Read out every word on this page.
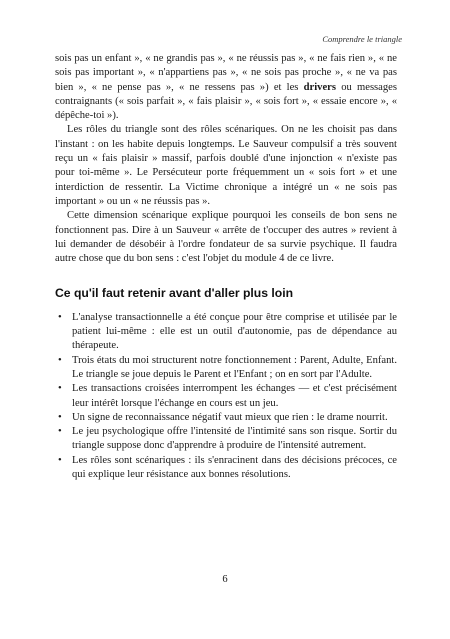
Comprendre le triangle

sois pas un enfant », « ne grandis pas », « ne réussis pas », « ne fais rien », « ne sois pas important », « n'appartiens pas », « ne sois pas proche », « ne va pas bien », « ne pense pas », « ne ressens pas ») et les drivers ou messages contraignants (« sois parfait », « fais plaisir », « sois fort », « essaie encore », « dépêche-toi »).

Les rôles du triangle sont des rôles scénariques. On ne les choisit pas dans l'instant : on les habite depuis longtemps. Le Sauveur compulsif a très souvent reçu un « fais plaisir » massif, parfois doublé d'une injonction « n'existe pas pour toi-même ». Le Persécuteur porte fréquemment un « sois fort » et une interdiction de ressentir. La Victime chronique a intégré un « ne sois pas important » ou un « ne réussis pas ».

Cette dimension scénarique explique pourquoi les conseils de bon sens ne fonctionnent pas. Dire à un Sauveur « arrête de t'occuper des autres » revient à lui demander de désobéir à l'ordre fondateur de sa survie psychique. Il faudra autre chose que du bon sens : c'est l'objet du module 4 de ce livre.

Ce qu'il faut retenir avant d'aller plus loin
• L'analyse transactionnelle a été conçue pour être comprise et utilisée par le patient lui-même : elle est un outil d'autonomie, pas de dépendance au thérapeute.
• Trois états du moi structurent notre fonctionnement : Parent, Adulte, Enfant. Le triangle se joue depuis le Parent et l'Enfant ; on en sort par l'Adulte.
• Les transactions croisées interrompent les échanges — et c'est précisément leur intérêt lorsque l'échange en cours est un jeu.
• Un signe de reconnaissance négatif vaut mieux que rien : le drame nourrit.
• Le jeu psychologique offre l'intensité de l'intimité sans son risque. Sortir du triangle suppose donc d'apprendre à produire de l'intensité autrement.
• Les rôles sont scénariques : ils s'enracinent dans des décisions précoces, ce qui explique leur résistance aux bonnes résolutions.
6
